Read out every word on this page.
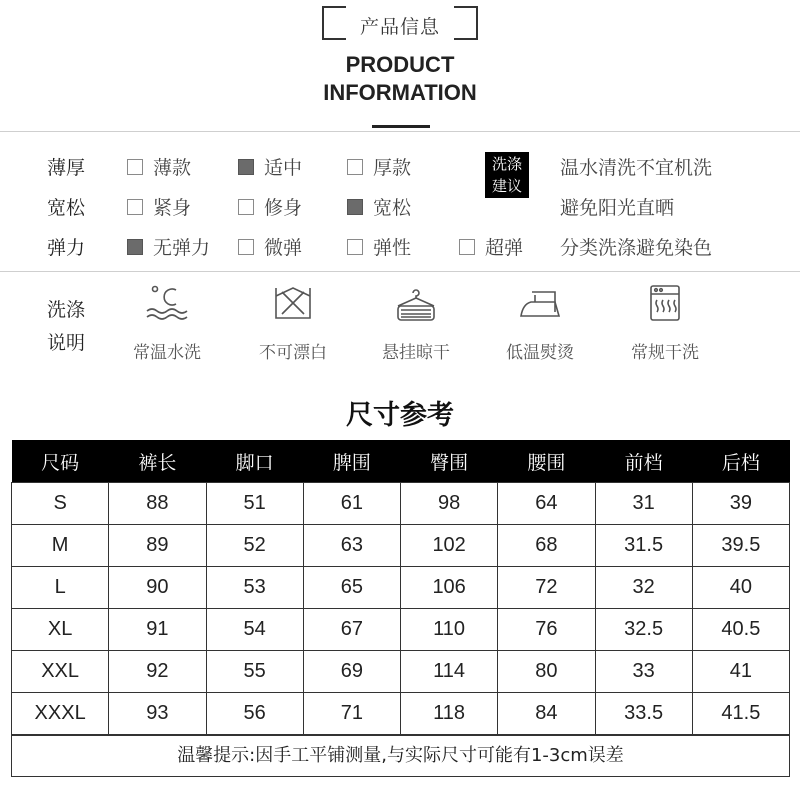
产品信息
PRODUCT
INFORMATION
薄厚	薄款	适中	厚款
宽松	紧身	修身	宽松
弹力	无弹力	微弹	弹性	超弹
洗涤
建议
温水清洗不宜机洗
避免阳光直晒
分类洗涤避免染色
洗涤
说明	常温水洗	不可漂白	悬挂晾干	低温熨烫	常规干洗
尺寸参考
尺码	裤长	脚口	脾围	臀围	腰围	前档	后档
S	88	51	61	98	64	31	39
M	89	52	63	102	68	31.5	39.5
L	90	53	65	106	72	32	40
XL	91	54	67	110	76	32.5	40.5
XXL	92	55	69	114	80	33	41
XXXL	93	56	71	118	84	33.5	41.5
温馨提示:因手工平铺测量,与实际尺寸可能有1-3cm误差
